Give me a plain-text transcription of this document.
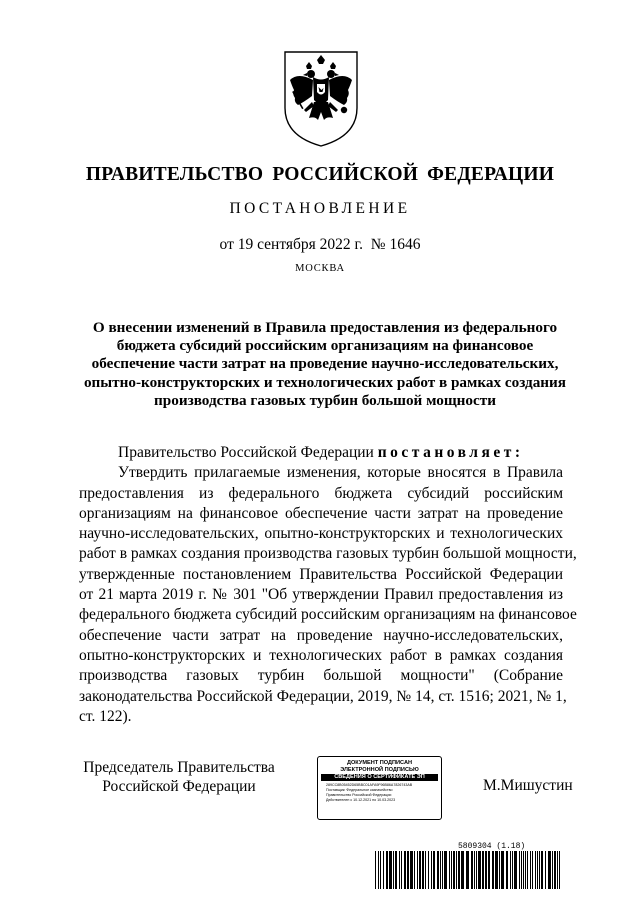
ПРАВИТЕЛЬСТВО РОССИЙСКОЙ ФЕДЕРАЦИИ
ПОСТАНОВЛЕНИЕ
от 19 сентября 2022 г.  № 1646
МОСКВА
О внесении изменений в Правила предоставления из федерального
бюджета субсидий российским организациям на финансовое
обеспечение части затрат на проведение научно-исследовательских,
опытно-конструкторских и технологических работ в рамках создания
производства газовых турбин большой мощности
Правительство Российской Федерации постановляет:
Утвердить прилагаемые изменения, которые вносятся в Правила
предоставления из федерального бюджета субсидий российским
организациям на финансовое обеспечение части затрат на проведение
научно-исследовательских, опытно-конструкторских и технологических
работ в рамках создания производства газовых турбин большой мощности,
утвержденные постановлением Правительства Российской Федерации
от 21 марта 2019 г. № 301 "Об утверждении Правил предоставления из
федерального бюджета субсидий российским организациям на финансовое
обеспечение части затрат на проведение научно-исследовательских,
опытно-конструкторских и технологических работ в рамках создания
производства газовых турбин большой мощности" (Собрание
законодательства Российской Федерации, 2019, № 14, ст. 1516; 2021, № 1,
ст. 122).
Председатель Правительства
Российской Федерации
ДОКУМЕНТ ПОДПИСАН
ЭЛЕКТРОННОЙ ПОДПИСЬЮ
СВЕДЕНИЯ О СЕРТИФИКАТЕ ЭП
289CC8B05452D65BBC01AFA9F96B86A7826743AB
Поставщик: Федеральное казначейство
Правительство Российской Федерации
Действителен с 10.12.2021 по 10.03.2023
М.Мишустин
5809304 (1.18)
